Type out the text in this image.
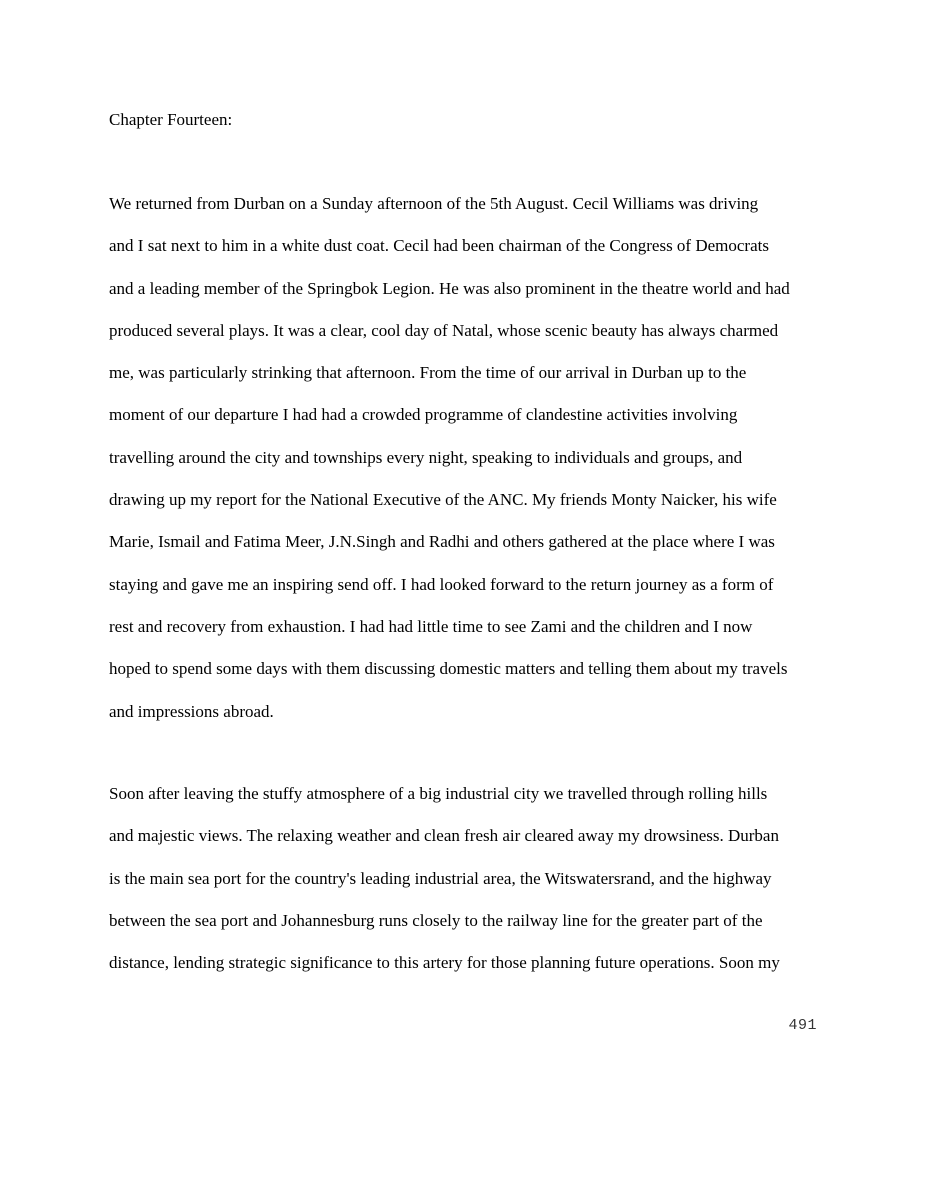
Chapter Fourteen:
We returned from Durban on a Sunday afternoon of the 5th August. Cecil Williams was driving
and I sat next to him in a white dust coat. Cecil had been chairman of the Congress of Democrats
and a leading member of the Springbok Legion. He was also prominent in the theatre world and had
produced several plays. It was a clear, cool day of Natal, whose scenic beauty has always charmed
me, was particularly strinking that afternoon. From the time of our arrival in Durban up to the
moment of our departure I had had a crowded programme of clandestine activities involving
travelling around the city and townships every night, speaking to individuals and groups, and
drawing up my report for the National Executive of the ANC. My friends Monty Naicker, his wife
Marie, Ismail and Fatima Meer, J.N.Singh and Radhi and others gathered at the place where I was
staying and gave me an inspiring send off. I had looked forward to the return journey as a form of
rest and recovery from exhaustion. I had had little time to see Zami and the children and I now
hoped to spend some days with them discussing domestic matters and telling them about my travels
and impressions abroad.
Soon after leaving the stuffy atmosphere of a big industrial city we travelled through rolling hills
and majestic views. The relaxing weather and clean fresh air cleared away my drowsiness. Durban
is the main sea port for the country's leading industrial area, the Witswatersrand, and the highway
between the sea port and Johannesburg runs closely to the railway line for the greater part of the
distance, lending strategic significance to this artery for those planning future operations. Soon my
491
